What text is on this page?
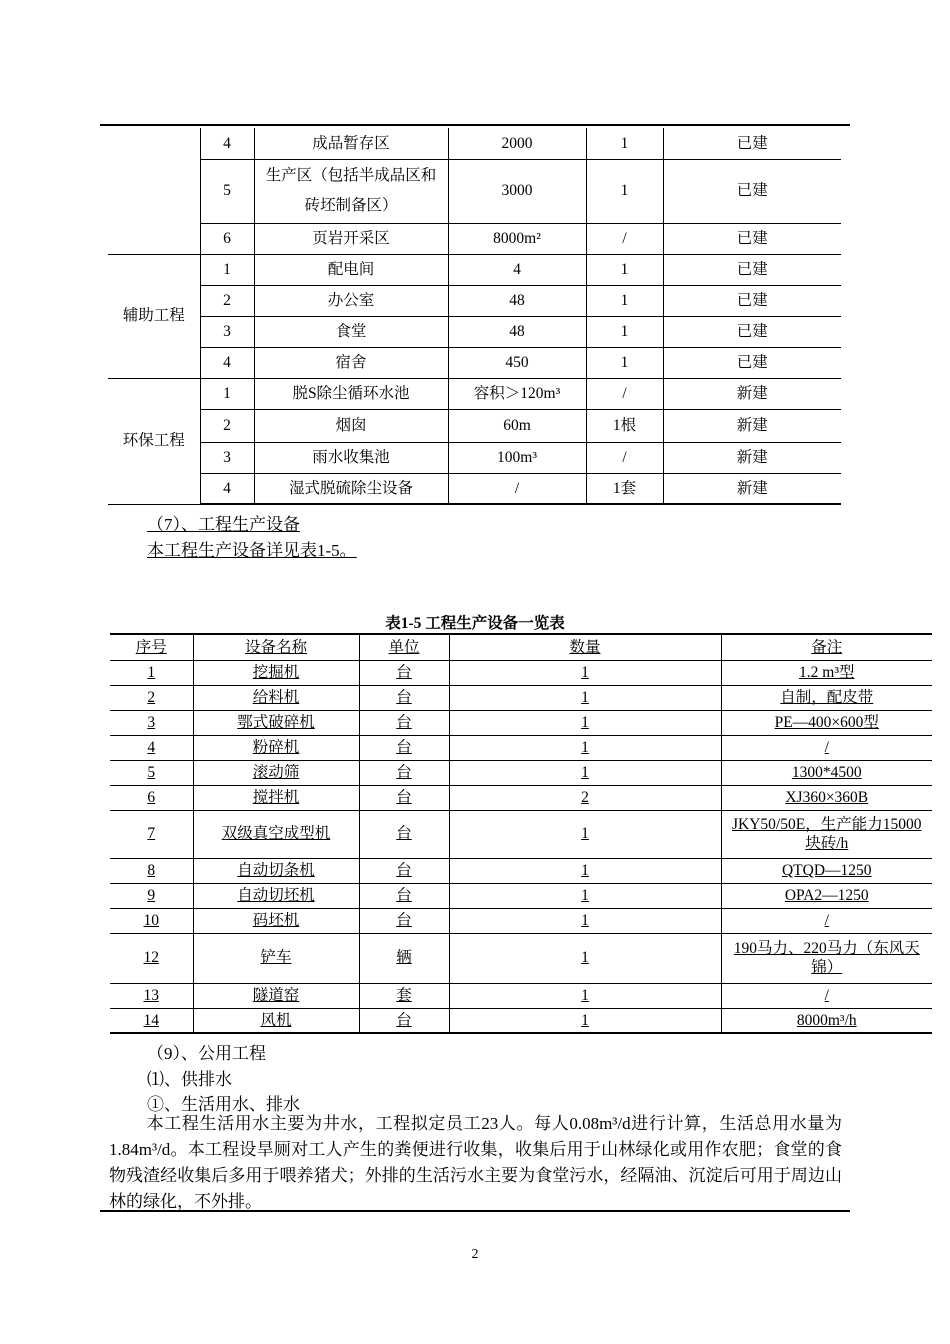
	4	成品暂存区	2000	1	已建
	5	生产区（包括半成品区和砖坯制备区）	3000	1	已建
	6	页岩开采区	8000m²	/	已建
辅助工程	1	配电间	4	1	已建
	2	办公室	48	1	已建
	3	食堂	48	1	已建
	4	宿舍	450	1	已建
环保工程	1	脱S除尘循环水池	容积＞120m³	/	新建
	2	烟囱	60m	1根	新建
	3	雨水收集池	100m³	/	新建
	4	湿式脱硫除尘设备	/	1套	新建
（7）、工程生产设备
本工程生产设备详见表1-5。
表1-5 工程生产设备一览表
序号	设备名称	单位	数量	备注
1	挖掘机	台	1	1.2 m³型
2	给料机	台	1	自制，配皮带
3	鄂式破碎机	台	1	PE—400×600型
4	粉碎机	台	1	/
5	滚动筛	台	1	1300*4500
6	搅拌机	台	2	XJ360×360B
7	双级真空成型机	台	1	JKY50/50E，生产能力15000块砖/h
8	自动切条机	台	1	QTQD—1250
9	自动切坯机	台	1	OPA2—1250
10	码坯机	台	1	/
12	铲车	辆	1	190马力、220马力（东风天锦）
13	隧道窑	套	1	/
14	风机	台	1	8000m³/h
（9）、公用工程
⑴、供排水
①、生活用水、排水
本工程生活用水主要为井水，工程拟定员工23人。每人0.08m³/d进行计算，生活总用水量为1.84m³/d。本工程设旱厕对工人产生的粪便进行收集，收集后用于山林绿化或用作农肥；食堂的食物残渣经收集后多用于喂养猪犬；外排的生活污水主要为食堂污水，经隔油、沉淀后可用于周边山林的绿化，不外排。
2
